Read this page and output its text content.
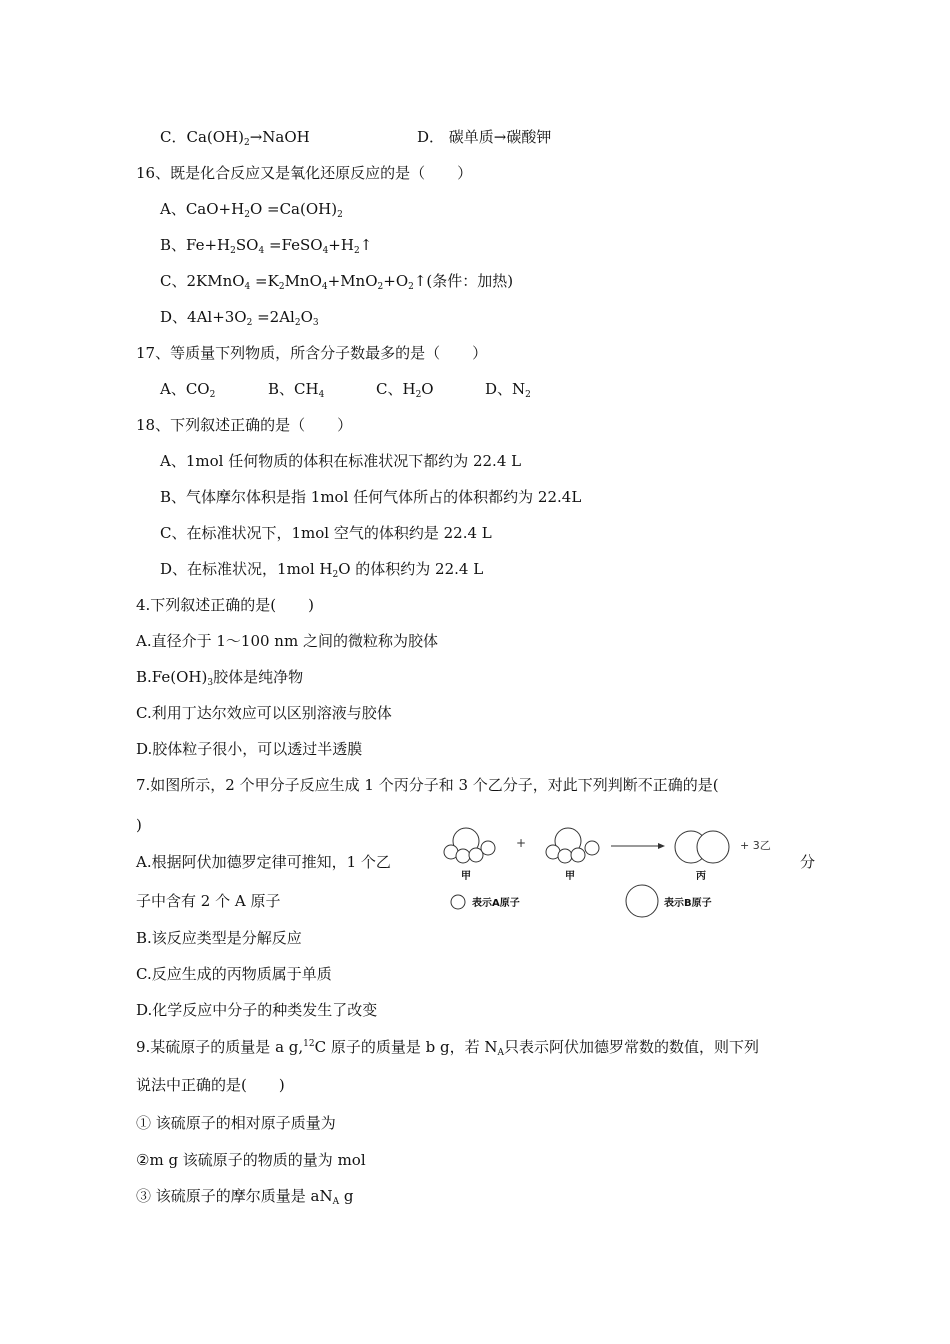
C．$Ca(OH)_2\to NaOH$	D． 碳单质→碳酸钾
16、既是化合反应又是氧化还原反应的是（ ）
A、$CaO+H_2O =Ca(OH)_2$
B、$Fe+H_2SO_4$ $=FeSO_4+H_2↑$
C、2KMnO$_4$ $=K_2MnO_4+MnO_2+O_2↑$(条件：加热)
D、$4Al+3O_2 =2Al_2O_3$
17、等质量下列物质，所含分子数最多的是（ ）
A、$CO_2$	B、$CH_4$	C、$H_2O$	D、$N_2$
18、下列叙述正确的是（ ）
A、1mol 任何物质的体积在标准状况下都约为 22.4 L
B、气体摩尔体积是指 1mol 任何气体所占的体积都约为 22.4L
C、在标准状况下，1mol 空气的体积约是 22.4 L
D、在标准状况，1mol $H_2O$ 的体积约为 22.4 L
4.下列叙述正确的是( )
A.直径介于 1～100 nm 之间的微粒称为胶体
$B.Fe(OH)_3$胶体是纯净物
C.利用丁达尔效应可以区别溶液与胶体
D.胶体粒子很小，可以透过半透膜
7.如图所示，2 个甲分子反应生成 1 个丙分子和 3 个乙分子，对此下列判断不正确的是(
)
A.根据阿伏加德罗定律可推知，1 个乙	分
子中含有 2 个 A 原子
B.该反应类型是分解反应
C.反应生成的丙物质属于单质
D.化学反应中分子的种类发生了改变
+	+ 3乙
甲	甲	丙
表示A原子	表示B原子
9.某硫原子的质量是 a g,$^{12}$C 原子的质量是 b g，若 $N_A$只表示阿伏加德罗常数的数值，则下列
说法中正确的是( )
① 该硫原子的相对原子质量为
②m g 该硫原子的物质的量为 mol
③ 该硫原子的摩尔质量是 $aN_A$ g
